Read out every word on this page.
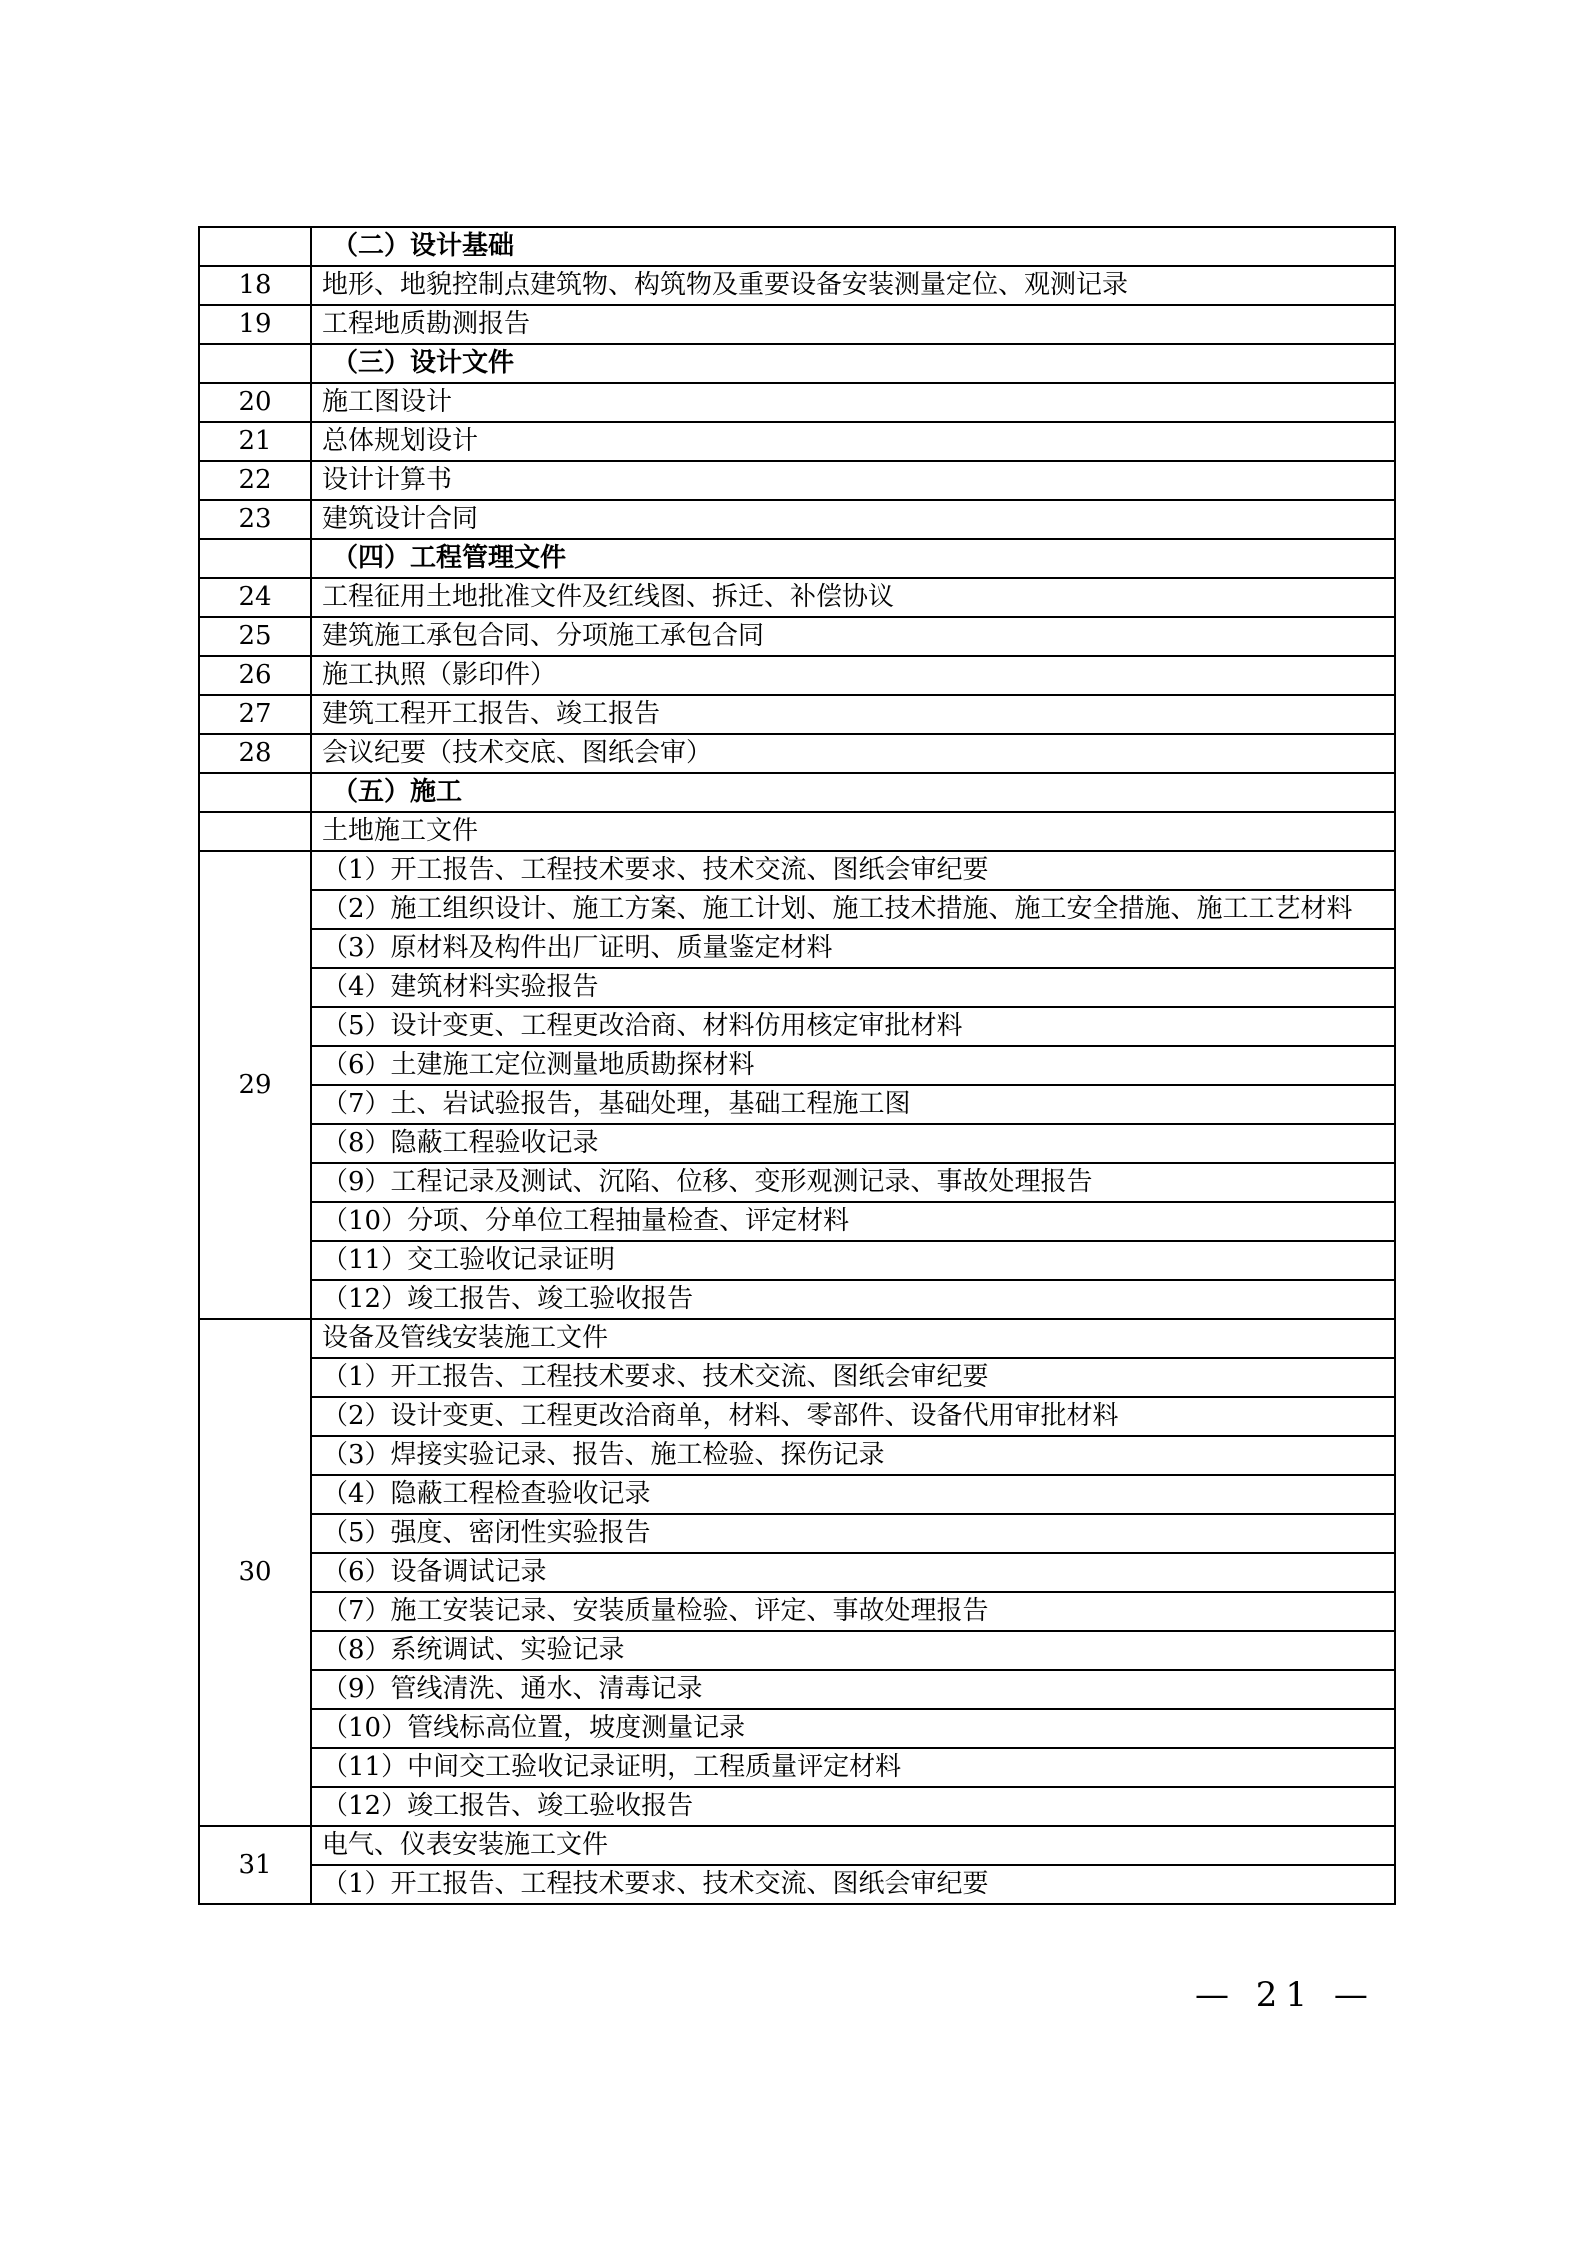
	（二）设计基础
18	地形、地貌控制点建筑物、构筑物及重要设备安装测量定位、观测记录
19	工程地质勘测报告
	（三）设计文件
20	施工图设计
21	总体规划设计
22	设计计算书
23	建筑设计合同
	（四）工程管理文件
24	工程征用土地批准文件及红线图、拆迁、补偿协议
25	建筑施工承包合同、分项施工承包合同
26	施工执照（影印件）
27	建筑工程开工报告、竣工报告
28	会议纪要（技术交底、图纸会审）
	（五）施工
	土地施工文件
29	（1）开工报告、工程技术要求、技术交流、图纸会审纪要
	（2）施工组织设计、施工方案、施工计划、施工技术措施、施工安全措施、施工工艺材料
	（3）原材料及构件出厂证明、质量鉴定材料
	（4）建筑材料实验报告
	（5）设计变更、工程更改洽商、材料仿用核定审批材料
	（6）土建施工定位测量地质勘探材料
	（7）土、岩试验报告，基础处理，基础工程施工图
	（8）隐蔽工程验收记录
	（9）工程记录及测试、沉陷、位移、变形观测记录、事故处理报告
	（10）分项、分单位工程抽量检查、评定材料
	（11）交工验收记录证明
	（12）竣工报告、竣工验收报告
30	设备及管线安装施工文件
	（1）开工报告、工程技术要求、技术交流、图纸会审纪要
	（2）设计变更、工程更改洽商单，材料、零部件、设备代用审批材料
	（3）焊接实验记录、报告、施工检验、探伤记录
	（4）隐蔽工程检查验收记录
	（5）强度、密闭性实验报告
	（6）设备调试记录
	（7）施工安装记录、安装质量检验、评定、事故处理报告
	（8）系统调试、实验记录
	（9）管线清洗、通水、清毒记录
	（10）管线标高位置，坡度测量记录
	（11）中间交工验收记录证明，工程质量评定材料
	（12）竣工报告、竣工验收报告
31	电气、仪表安装施工文件
	（1）开工报告、工程技术要求、技术交流、图纸会审纪要
— 21 —
